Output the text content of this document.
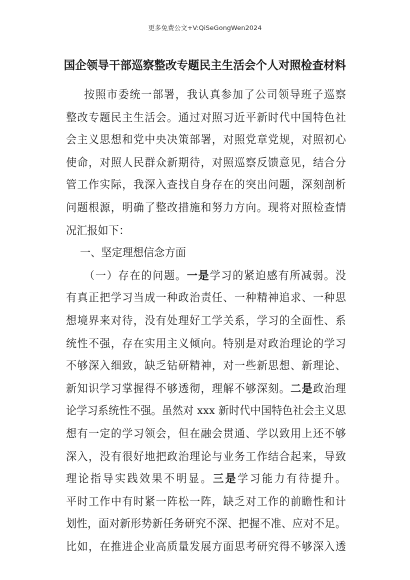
更多免费公文+V:QiSeGongWen2024
国企领导干部巡察整改专题民主生活会个人对照检查材料
按照市委统一部署，我认真参加了公司领导班子巡察
整改专题民主生活会。通过对照习近平新时代中国特色社
会主义思想和党中央决策部署，对照党章党规，对照初心
使命，对照人民群众新期待，对照巡察反馈意见，结合分
管工作实际，我深入查找自身存在的突出问题，深刻剖析
问题根源，明确了整改措施和努力方向。现将对照检查情
况汇报如下：
一、坚定理想信念方面
（一）存在的问题。一是学习的紧迫感有所减弱。没
有真正把学习当成一种政治责任、一种精神追求、一种思
想境界来对待，没有处理好工学关系，学习的全面性、系
统性不强，存在实用主义倾向。特别是对政治理论的学习
不够深入细致，缺乏钻研精神，对一些新思想、新理论、
新知识学习掌握得不够透彻，理解不够深刻。二是政治理
论学习系统性不强。虽然对 xxx 新时代中国特色社会主义思
想有一定的学习领会，但在融会贯通、学以致用上还不够
深入，没有很好地把政治理论与业务工作结合起来，导致
理论指导实践效果不明显。三是学习能力有待提升。
平时工作中有时紧一阵松一阵，缺乏对工作的前瞻性和计
划性，面对新形势新任务研究不深、把握不准、应对不足。
比如，在推进企业高质量发展方面思考研究得不够深入透
